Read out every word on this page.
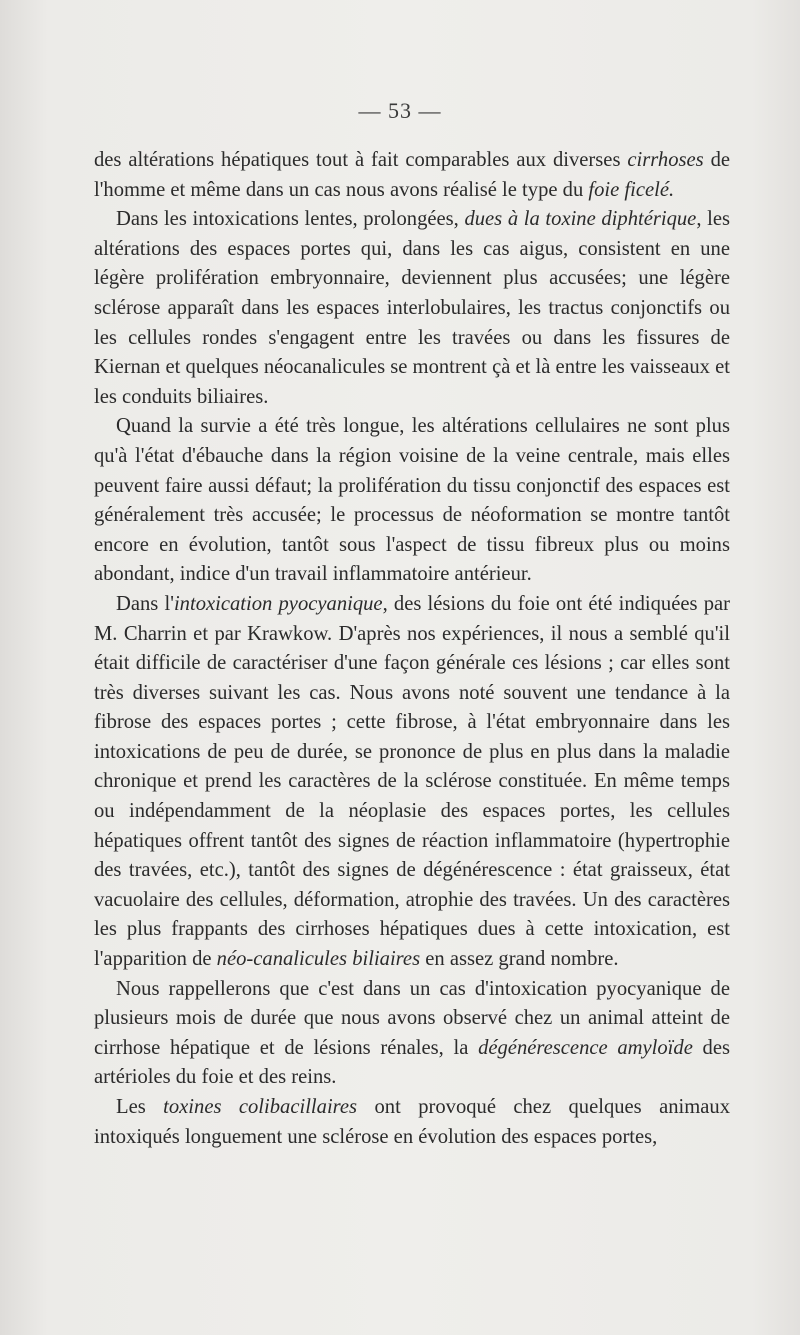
— 53 —

des altérations hépatiques tout à fait comparables aux diverses cirrhoses de l'homme et même dans un cas nous avons réalisé le type du foie ficelé.

Dans les intoxications lentes, prolongées, dues à la toxine diphtérique, les altérations des espaces portes qui, dans les cas aigus, consistent en une légère prolifération embryonnaire, deviennent plus accusées; une légère sclérose apparaît dans les espaces interlobulaires, les tractus conjonctifs ou les cellules rondes s'engagent entre les travées ou dans les fissures de Kiernan et quelques néocanalicules se montrent çà et là entre les vaisseaux et les conduits biliaires.

Quand la survie a été très longue, les altérations cellulaires ne sont plus qu'à l'état d'ébauche dans la région voisine de la veine centrale, mais elles peuvent faire aussi défaut; la prolifération du tissu conjonctif des espaces est généralement très accusée; le processus de néoformation se montre tantôt encore en évolution, tantôt sous l'aspect de tissu fibreux plus ou moins abondant, indice d'un travail inflammatoire antérieur.

Dans l'intoxication pyocyanique, des lésions du foie ont été indiquées par M. Charrin et par Krawkow. D'après nos expériences, il nous a semblé qu'il était difficile de caractériser d'une façon générale ces lésions ; car elles sont très diverses suivant les cas. Nous avons noté souvent une tendance à la fibrose des espaces portes ; cette fibrose, à l'état embryonnaire dans les intoxications de peu de durée, se prononce de plus en plus dans la maladie chronique et prend les caractères de la sclérose constituée. En même temps ou indépendamment de la néoplasie des espaces portes, les cellules hépatiques offrent tantôt des signes de réaction inflammatoire (hypertrophie des travées, etc.), tantôt des signes de dégénérescence : état graisseux, état vacuolaire des cellules, déformation, atrophie des travées. Un des caractères les plus frappants des cirrhoses hépatiques dues à cette intoxication, est l'apparition de néo-canalicules biliaires en assez grand nombre.

Nous rappellerons que c'est dans un cas d'intoxication pyocyanique de plusieurs mois de durée que nous avons observé chez un animal atteint de cirrhose hépatique et de lésions rénales, la dégénérescence amyloïde des artérioles du foie et des reins.

Les toxines colibacillaires ont provoqué chez quelques animaux intoxiqués longuement une sclérose en évolution des espaces portes,
